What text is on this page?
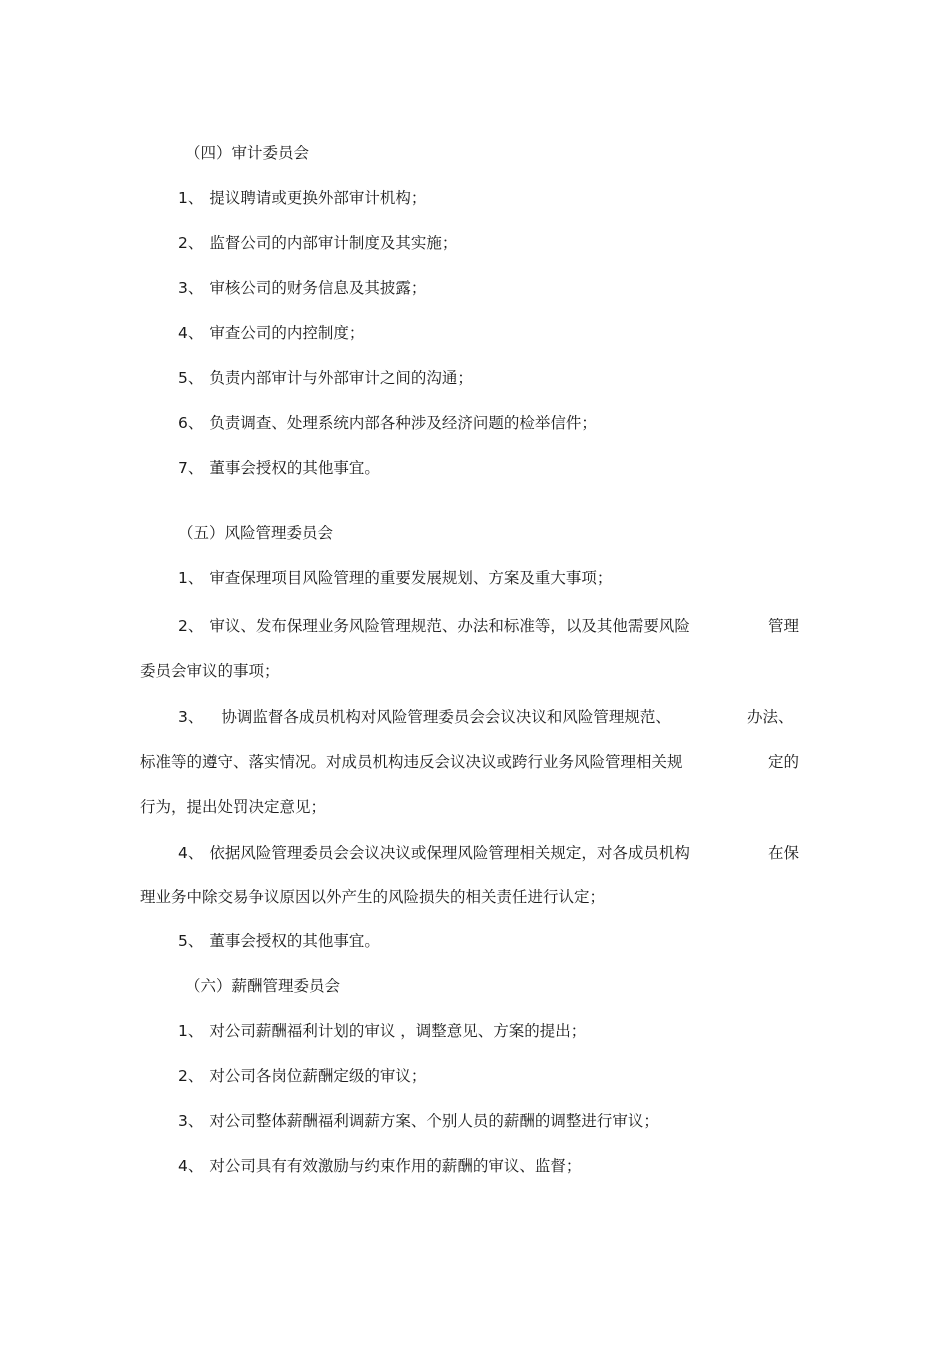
（四）审计委员会

1、 提议聘请或更换外部审计机构；

2、 监督公司的内部审计制度及其实施；

3、 审核公司的财务信息及其披露；

4、 审查公司的内控制度；

5、 负责内部审计与外部审计之间的沟通；

6、 负责调查、处理系统内部各种涉及经济问题的检举信件；

7、 董事会授权的其他事宜。

（五）风险管理委员会

1、 审查保理项目风险管理的重要发展规划、方案及重大事项；

2、 审议、发布保理业务风险管理规范、办法和标准等，以及其他需要风险	管理

委员会审议的事项；

3、 协调监督各成员机构对风险管理委员会会议决议和风险管理规范、	办法、

标准等的遵守、落实情况。对成员机构违反会议决议或跨行业务风险管理相关规	定的

行为，提出处罚决定意见；

4、 依据风险管理委员会会议决议或保理风险管理相关规定，对各成员机构	在保

理业务中除交易争议原因以外产生的风险损失的相关责任进行认定；

5、 董事会授权的其他事宜。

（六）薪酬管理委员会

1、 对公司薪酬福利计划的审议 ，调整意见、方案的提出；

2、 对公司各岗位薪酬定级的审议；

3、 对公司整体薪酬福利调薪方案、个别人员的薪酬的调整进行审议；

4、 对公司具有有效激励与约束作用的薪酬的审议、监督；
